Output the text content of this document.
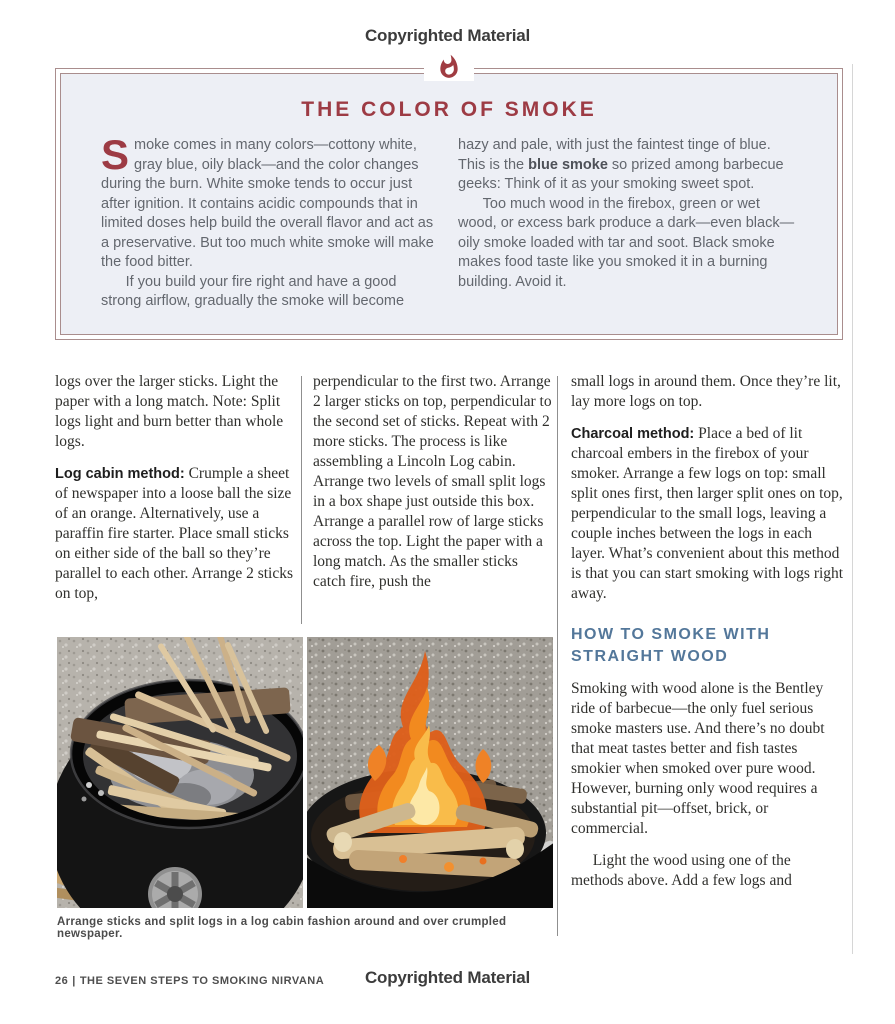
Copyrighted Material
THE COLOR OF SMOKE

Smoke comes in many colors—cottony white, gray blue, oily black—and the color changes during the burn. White smoke tends to occur just after ignition. It contains acidic compounds that in limited doses help build the overall flavor and act as a preservative. But too much white smoke will make the food bitter.

If you build your fire right and have a good strong airflow, gradually the smoke will become

hazy and pale, with just the faintest tinge of blue. This is the blue smoke so prized among barbecue geeks: Think of it as your smoking sweet spot.

Too much wood in the firebox, green or wet wood, or excess bark produce a dark—even black—oily smoke loaded with tar and soot. Black smoke makes food taste like you smoked it in a burning building. Avoid it.

logs over the larger sticks. Light the paper with a long match. Note: Split logs light and burn better than whole logs.

Log cabin method: Crumple a sheet of newspaper into a loose ball the size of an orange. Alternatively, use a paraffin fire starter. Place small sticks on either side of the ball so they’re parallel to each other. Arrange 2 sticks on top,

perpendicular to the first two. Arrange 2 larger sticks on top, perpendicular to the second set of sticks. Repeat with 2 more sticks. The process is like assembling a Lincoln Log cabin. Arrange two levels of small split logs in a box shape just outside this box. Arrange a parallel row of large sticks across the top. Light the paper with a long match. As the smaller sticks catch fire, push the

small logs in around them. Once they’re lit, lay more logs on top.

Charcoal method: Place a bed of lit charcoal embers in the firebox of your smoker. Arrange a few logs on top: small split ones first, then larger split ones on top, perpendicular to the small logs, leaving a couple inches between the logs in each layer. What’s convenient about this method is that you can start smoking with logs right away.

HOW TO SMOKE WITH STRAIGHT WOOD

Smoking with wood alone is the Bentley ride of barbecue—the only fuel serious smoke masters use. And there’s no doubt that meat tastes better and fish tastes smokier when smoked over pure wood. However, burning only wood requires a substantial pit—offset, brick, or commercial.

Light the wood using one of the methods above. Add a few logs and

Arrange sticks and split logs in a log cabin fashion around and over crumpled newspaper.
26 | THE SEVEN STEPS TO SMOKING NIRVANA	Copyrighted Material
